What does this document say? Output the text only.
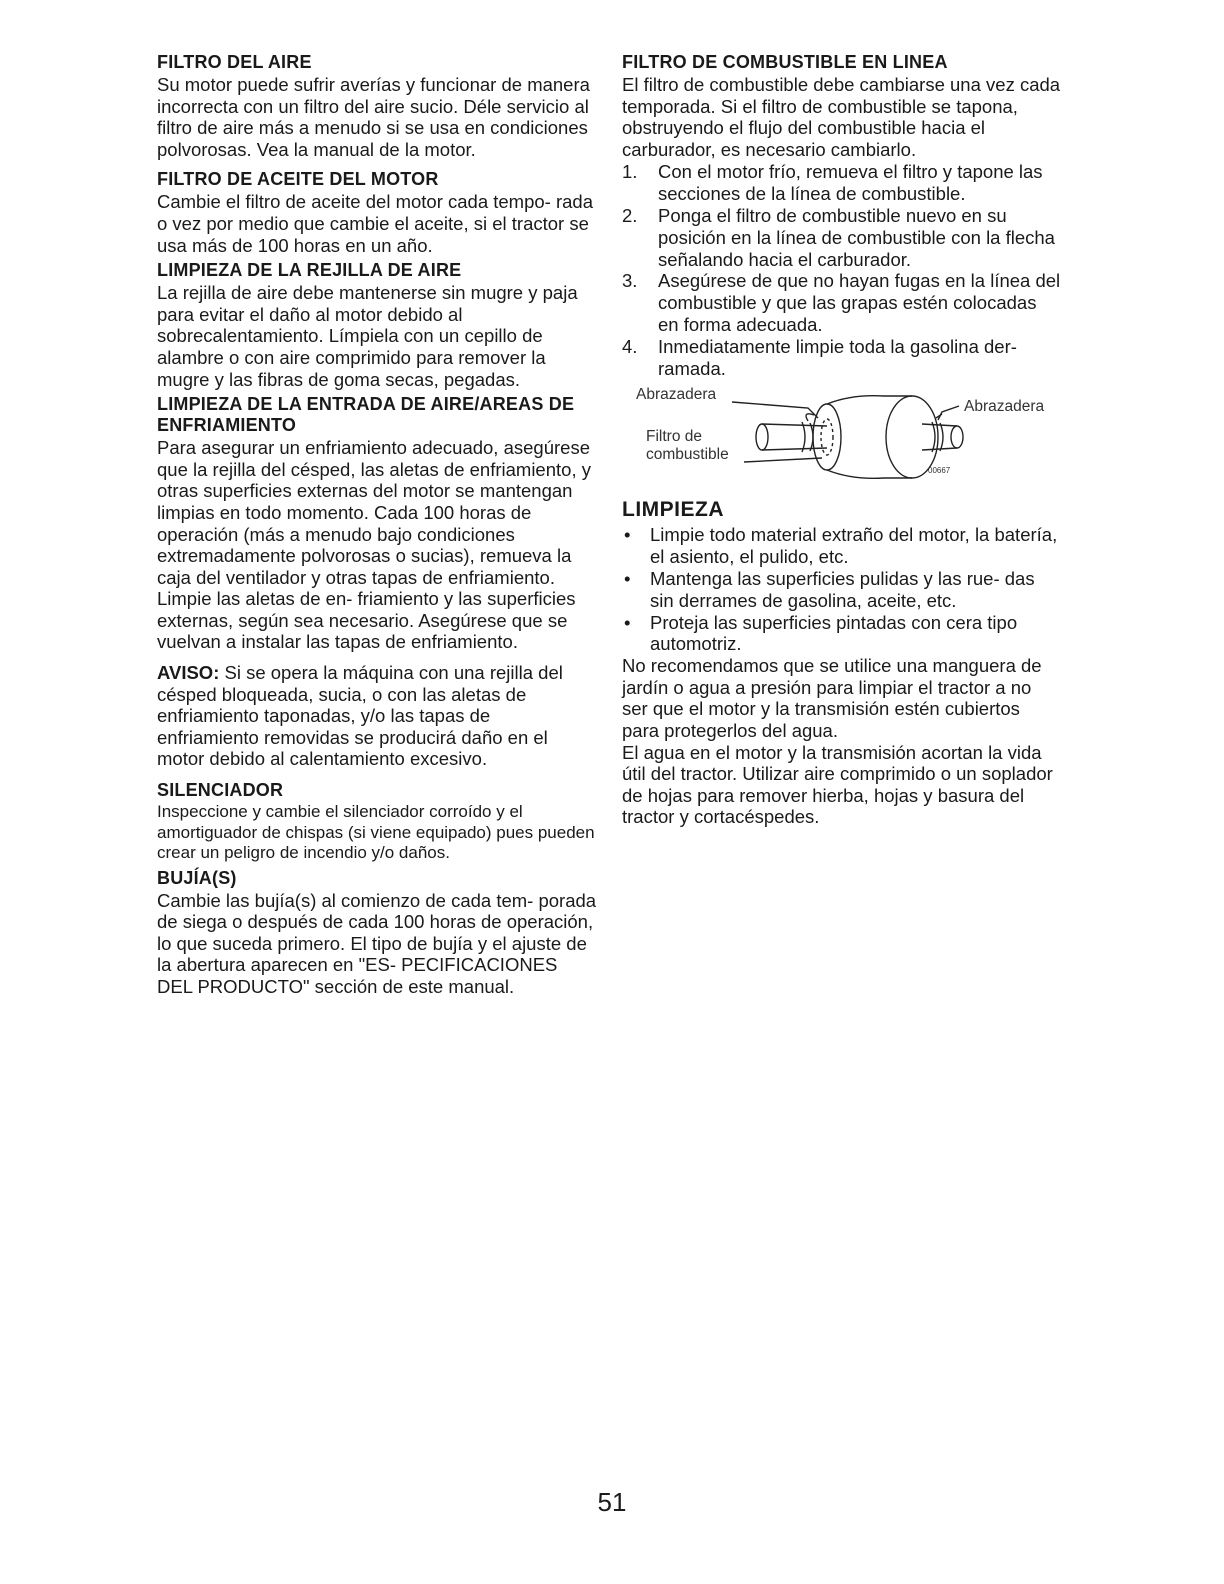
FILTRO DEL AIRE

Su motor puede sufrir averías y funcionar de manera incorrecta con un filtro del aire sucio. Déle servicio al filtro de aire más a menudo si se usa en condiciones polvorosas. Vea la manual de la motor.

FILTRO DE ACEITE DEL MOTOR

Cambie el filtro de aceite del motor cada tempo- rada o vez por medio que cambie el aceite, si el tractor se usa más de 100 horas en un año.

LIMPIEZA DE LA REJILLA DE AIRE

La rejilla de aire debe mantenerse sin mugre y paja para evitar el daño al motor debido al sobrecalentamiento. Límpiela con un cepillo de alambre o con aire comprimido para remover la mugre y las fibras de goma secas, pegadas.

LIMPIEZA DE LA ENTRADA DE AIRE/AREAS DE ENFRIAMIENTO

Para asegurar un enfriamiento adecuado, asegúrese que la rejilla del césped, las aletas de enfriamiento, y otras superficies externas del motor se mantengan limpias en todo momento. Cada 100 horas de operación (más a menudo bajo condiciones extremadamente polvorosas o sucias), remueva la caja del ventilador y otras tapas de enfriamiento. Limpie las aletas de en- friamiento y las superficies externas, según sea necesario. Asegúrese que se vuelvan a instalar las tapas de enfriamiento.

AVISO: Si se opera la máquina con una rejilla del césped bloqueada, sucia, o con las aletas de enfriamiento taponadas, y/o las tapas de enfriamiento removidas se producirá daño en el motor debido al calentamiento excesivo.

SILENCIADOR

Inspeccione y cambie el silenciador corroído y el amortiguador de chispas (si viene equipado) pues pueden crear un peligro de incendio y/o daños.

BUJÍA(S)

Cambie las bujía(s) al comienzo de cada tem- porada de siega o después de cada 100 horas de operación, lo que suceda primero. El tipo de bujía y el ajuste de la abertura aparecen en "ES- PECIFICACIONES DEL PRODUCTO" sección de este manual.

FILTRO DE COMBUSTIBLE EN LINEA

El filtro de combustible debe cambiarse una vez cada temporada. Si el filtro de combustible se tapona, obstruyendo el flujo del combustible hacia el carburador, es necesario cambiarlo.

1.	Con el motor frío, remueva el filtro y tapone las secciones de la línea de combustible.
2.	Ponga el filtro de combustible nuevo en su posición en la línea de combustible con la flecha señalando hacia el carburador.
3.	Asegúrese de que no hayan fugas en la línea del combustible y que las grapas estén colocadas en forma adecuada.
4.	Inmediatamente limpie toda la gasolina der- ramada.
Abrazadera
Abrazadera
Filtro de
combustible
00667
LIMPIEZA
•	Limpie todo material extraño del motor, la batería, el asiento, el pulido, etc.
•	Mantenga las superficies pulidas y las rue- das sin derrames de gasolina, aceite, etc.
•	Proteja las superficies pintadas con cera tipo automotriz.

No recomendamos que se utilice una manguera de jardín o agua a presión para limpiar el tractor a no ser que el motor y la transmisión estén cubiertos para protegerlos del agua.

El agua en el motor y la transmisión acortan la vida útil del tractor. Utilizar aire comprimido o un soplador de hojas para remover hierba, hojas y basura del tractor y cortacéspedes.

51
